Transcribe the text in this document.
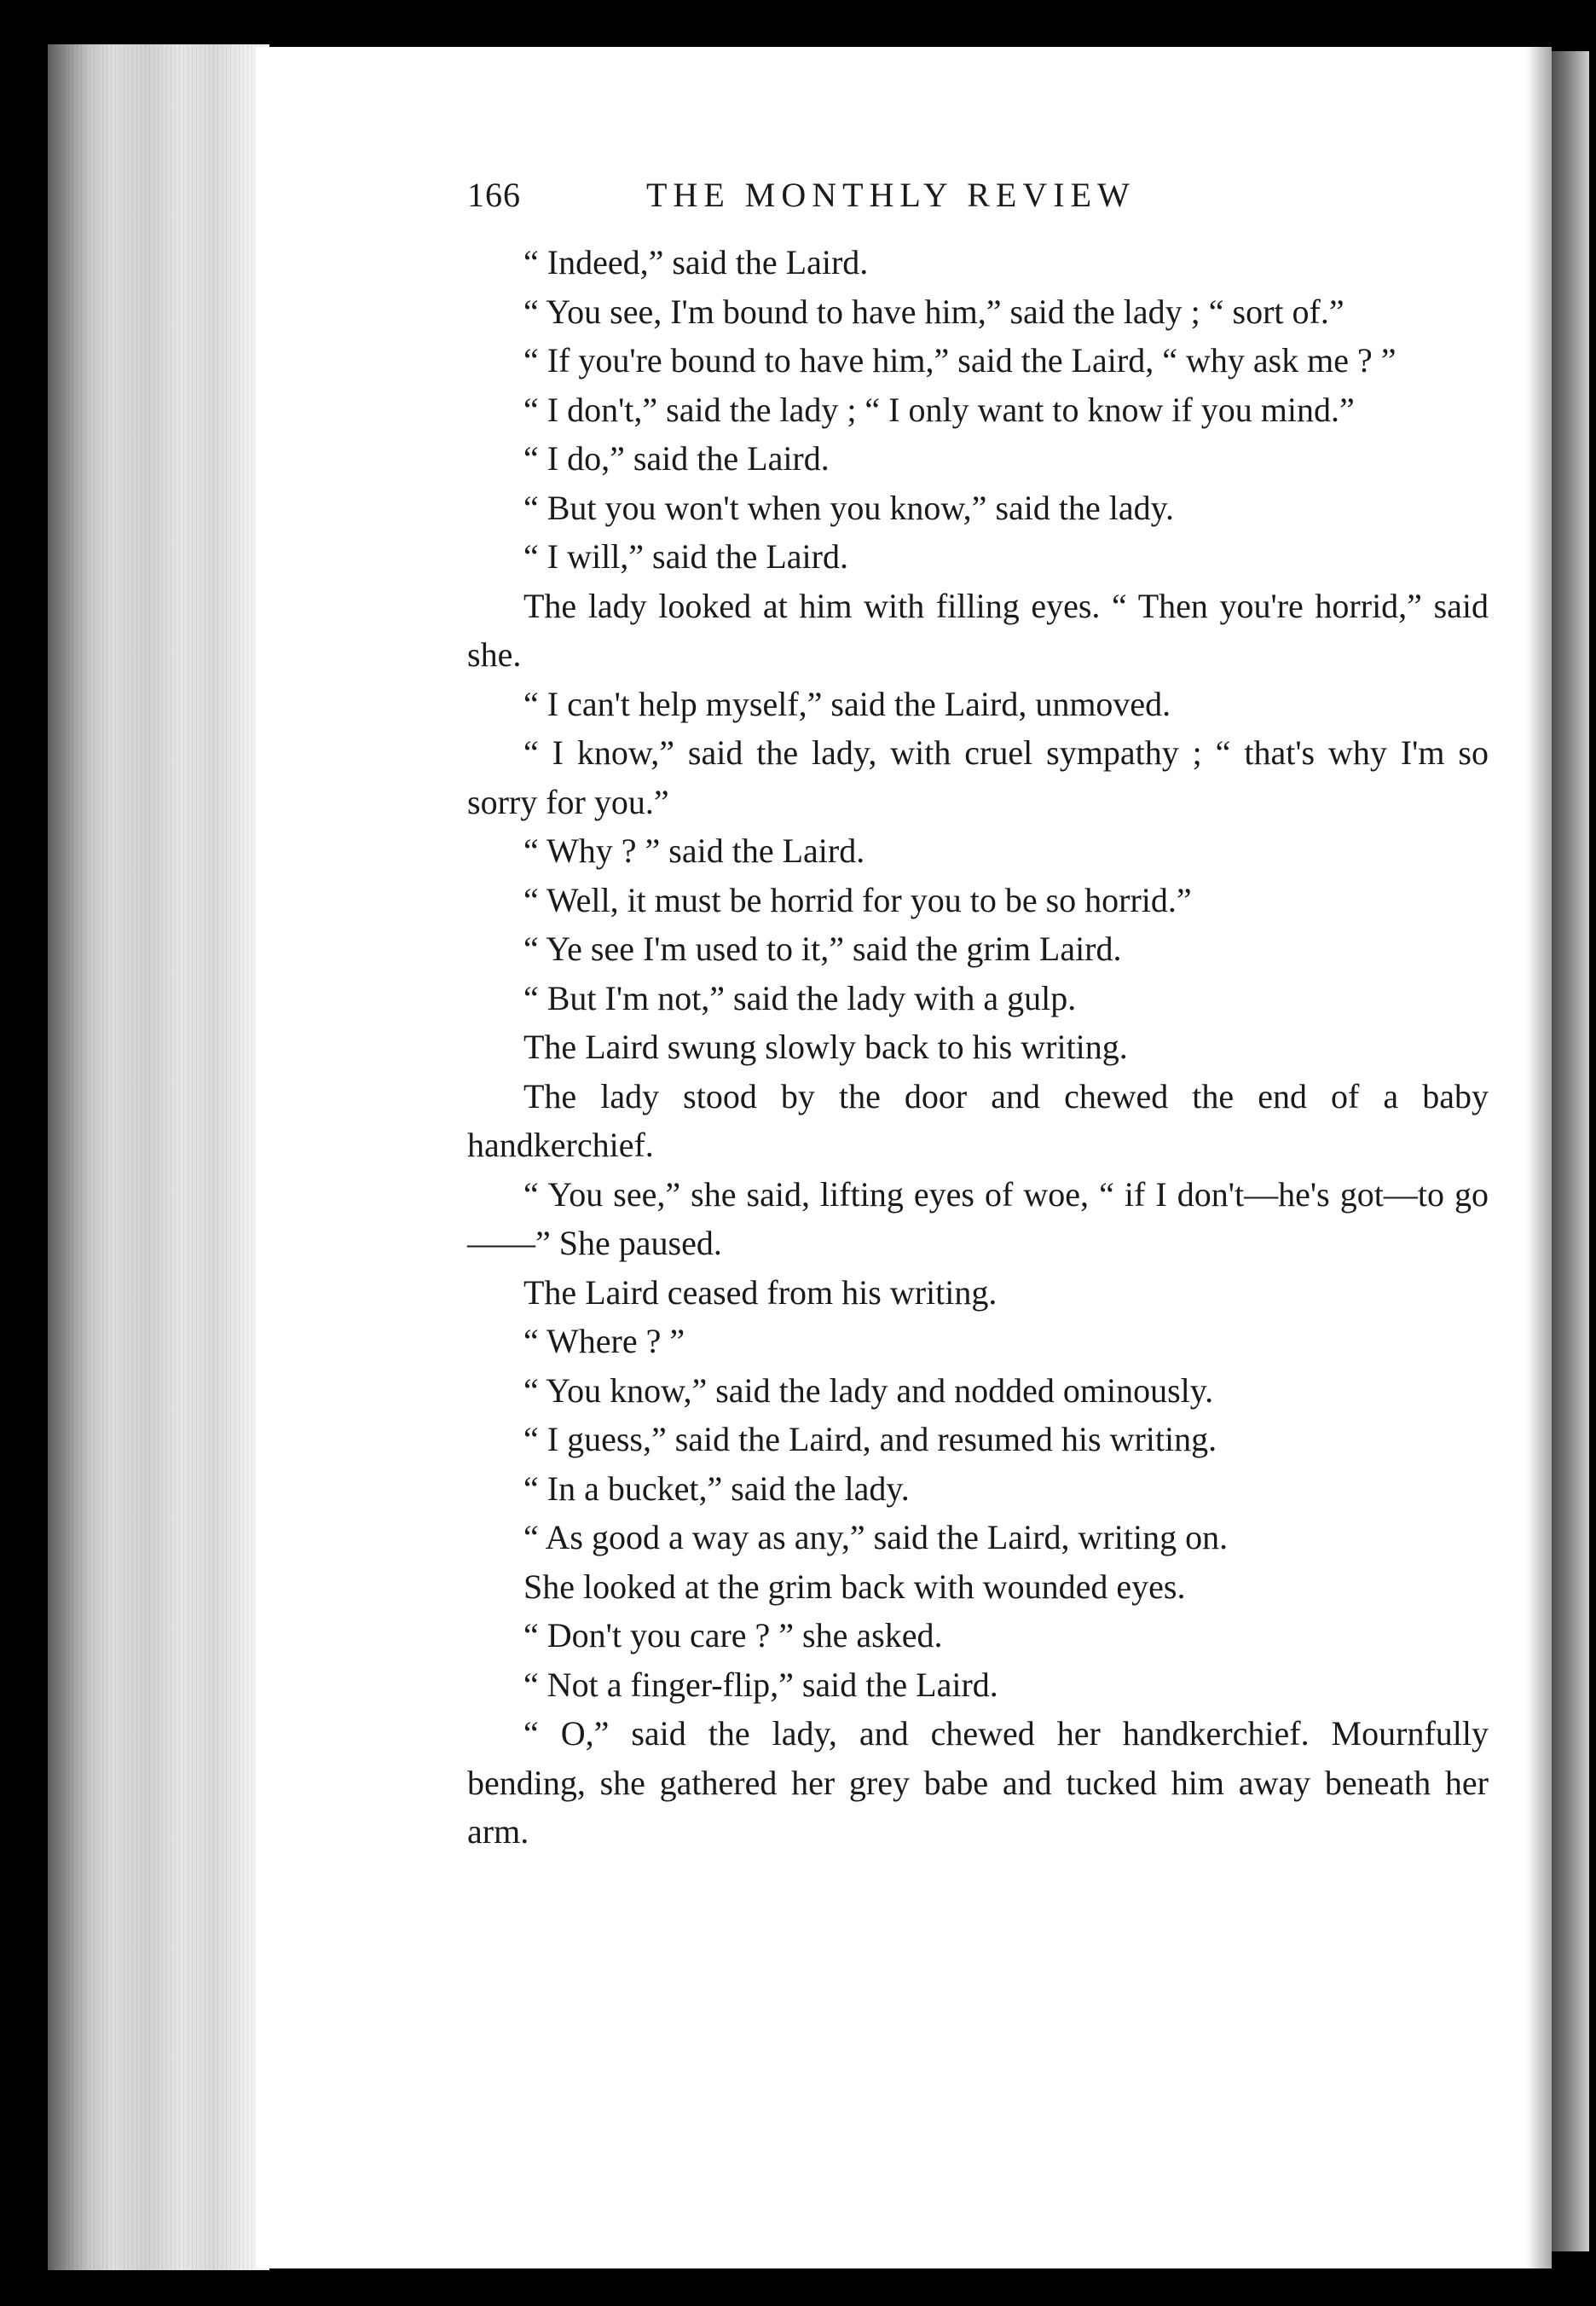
166	THE MONTHLY REVIEW

“ Indeed,” said the Laird.

“ You see, I'm bound to have him,” said the lady ; “ sort of.”

“ If you're bound to have him,” said the Laird, “ why ask me ? ”

“ I don't,” said the lady ; “ I only want to know if you mind.”

“ I do,” said the Laird.

“ But you won't when you know,” said the lady.

“ I will,” said the Laird.

The lady looked at him with filling eyes. “ Then you're horrid,” said she.

“ I can't help myself,” said the Laird, unmoved.

“ I know,” said the lady, with cruel sympathy ; “ that's why I'm so sorry for you.”

“ Why ? ” said the Laird.

“ Well, it must be horrid for you to be so horrid.”

“ Ye see I'm used to it,” said the grim Laird.

“ But I'm not,” said the lady with a gulp.

The Laird swung slowly back to his writing.

The lady stood by the door and chewed the end of a baby handkerchief.

“ You see,” she said, lifting eyes of woe, “ if I don't—he's got—to go——” She paused.

The Laird ceased from his writing.

“ Where ? ”

“ You know,” said the lady and nodded ominously.

“ I guess,” said the Laird, and resumed his writing.

“ In a bucket,” said the lady.

“ As good a way as any,” said the Laird, writing on.

She looked at the grim back with wounded eyes.

“ Don't you care ? ” she asked.

“ Not a finger-flip,” said the Laird.

“ O,” said the lady, and chewed her handkerchief. Mournfully bending, she gathered her grey babe and tucked him away beneath her arm.
